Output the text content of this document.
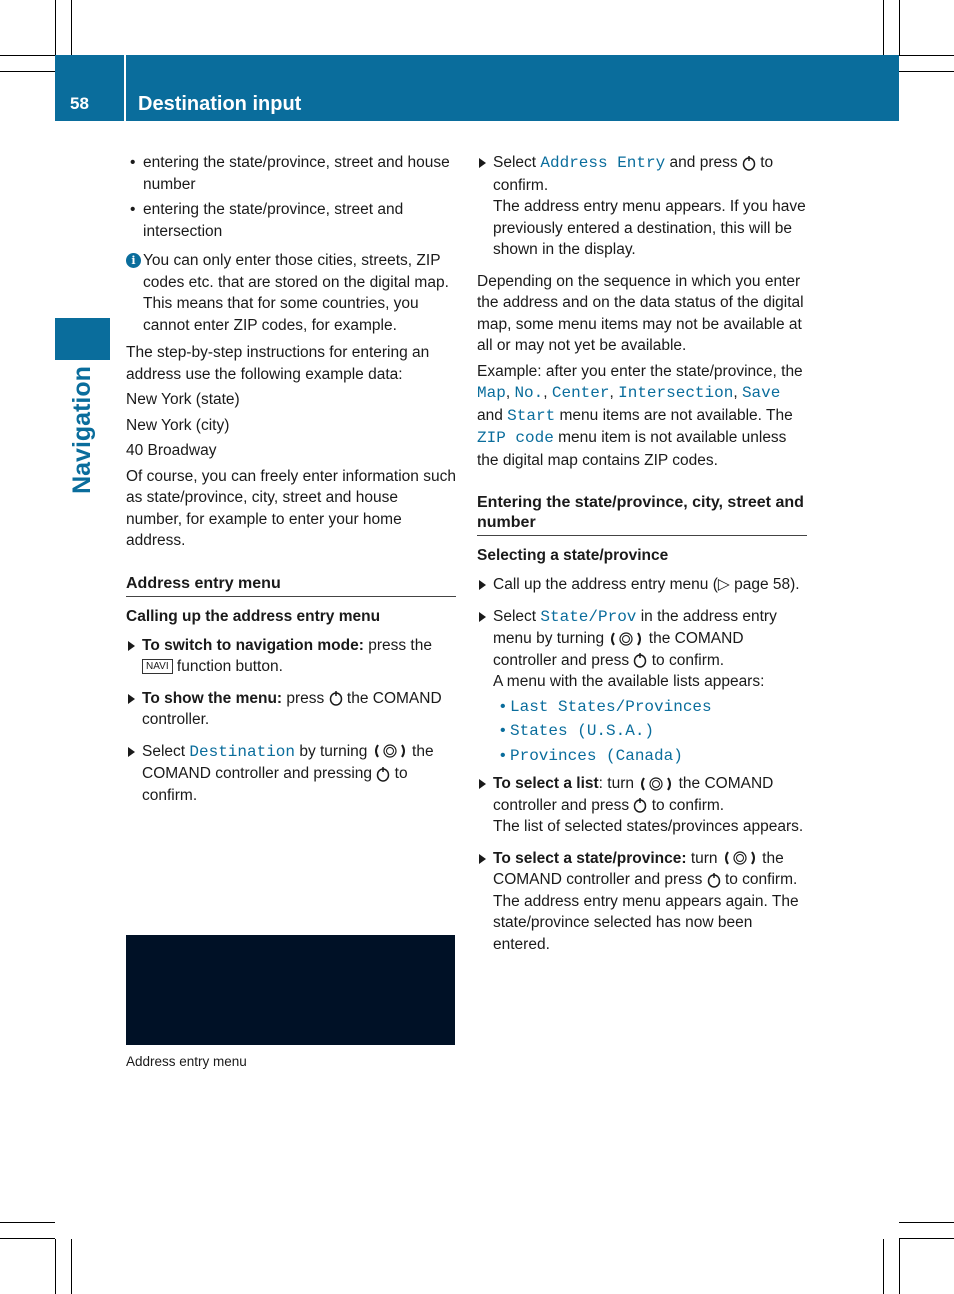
58	Destination input
Navigation
• entering the state/province, street and house number
• entering the state/province, street and intersection
i You can only enter those cities, streets, ZIP codes etc. that are stored on the digital map. This means that for some countries, you cannot enter ZIP codes, for example.

The step-by-step instructions for entering an address use the following example data:

New York (state)

New York (city)

40 Broadway

Of course, you can freely enter information such as state/province, city, street and house number, for example to enter your home address.

Address entry menu
Calling up the address entry menu
To switch to navigation mode: press the NAVI function button.
To show the menu: press  the COMAND controller.
Select Destination by turning	the COMAND controller and pressing  to confirm.
Address entry menu
Select Address Entry and press  to confirm.
The address entry menu appears. If you have previously entered a destination, this will be shown in the display.

Depending on the sequence in which you enter the address and on the data status of the digital map, some menu items may not be available at all or may not yet be available.

Example: after you enter the state/province, the Map, No., Center, Intersection, Save and Start menu items are not available. The ZIP code menu item is not available unless the digital map contains ZIP codes.

Entering the state/province, city, street and number
Selecting a state/province
Call up the address entry menu (▷ page 58).
Select State/Prov in the address entry menu by turning	the COMAND controller and press  to confirm.
A menu with the available lists appears:
• Last States/Provinces
• States (U.S.A.)
• Provinces (Canada)
To select a list: turn	the COMAND controller and press  to confirm.
The list of selected states/provinces appears.
To select a state/province: turn	the COMAND controller and press  to confirm.
The address entry menu appears again. The state/province selected has now been entered.
